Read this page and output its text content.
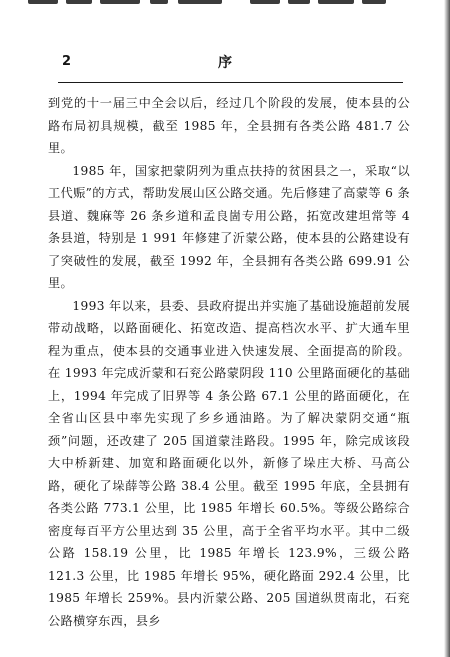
2	序

到党的十一届三中全会以后，经过几个阶段的发展，使本县的公路布局初具规模，截至 1985 年，全县拥有各类公路 481.7 公里。

1985 年，国家把蒙阴列为重点扶持的贫困县之一，采取“以工代赈”的方式，帮助发展山区公路交通。先后修建了高蒙等 6 条县道、魏麻等 26 条乡道和孟良崮专用公路，拓宽改建坦常等 4 条县道，特别是 1 991 年修建了沂蒙公路，使本县的公路建设有了突破性的发展，截至 1992 年，全县拥有各类公路 699.91 公里。

1993 年以来，县委、县政府提出并实施了基础设施超前发展带动战略，以路面硬化、拓宽改造、提高档次水平、扩大通车里程为重点，使本县的交通事业进入快速发展、全面提高的阶段。在 1993 年完成沂蒙和石兖公路蒙阴段 110 公里路面硬化的基础上，1994 年完成了旧界等 4 条公路 67.1 公里的路面硬化，在全省山区县中率先实现了乡乡通油路。为了解决蒙阴交通“瓶颈”问题，还改建了 205 国道蒙洼路段。1995 年，除完成该段大中桥新建、加宽和路面硬化以外，新修了垛庄大桥、马高公路，硬化了垛薛等公路 38.4 公里。截至 1995 年底，全县拥有各类公路 773.1 公里，比 1985 年增长 60.5%。等级公路综合密度每百平方公里达到 35 公里，高于全省平均水平。其中二级公路 158.19 公里，比 1985 年增长 123.9%，三级公路 121.3 公里，比 1985 年增长 95%，硬化路面 292.4 公里，比 1985 年增长 259%。县内沂蒙公路、205 国道纵贯南北，石兖公路横穿东西，县乡
